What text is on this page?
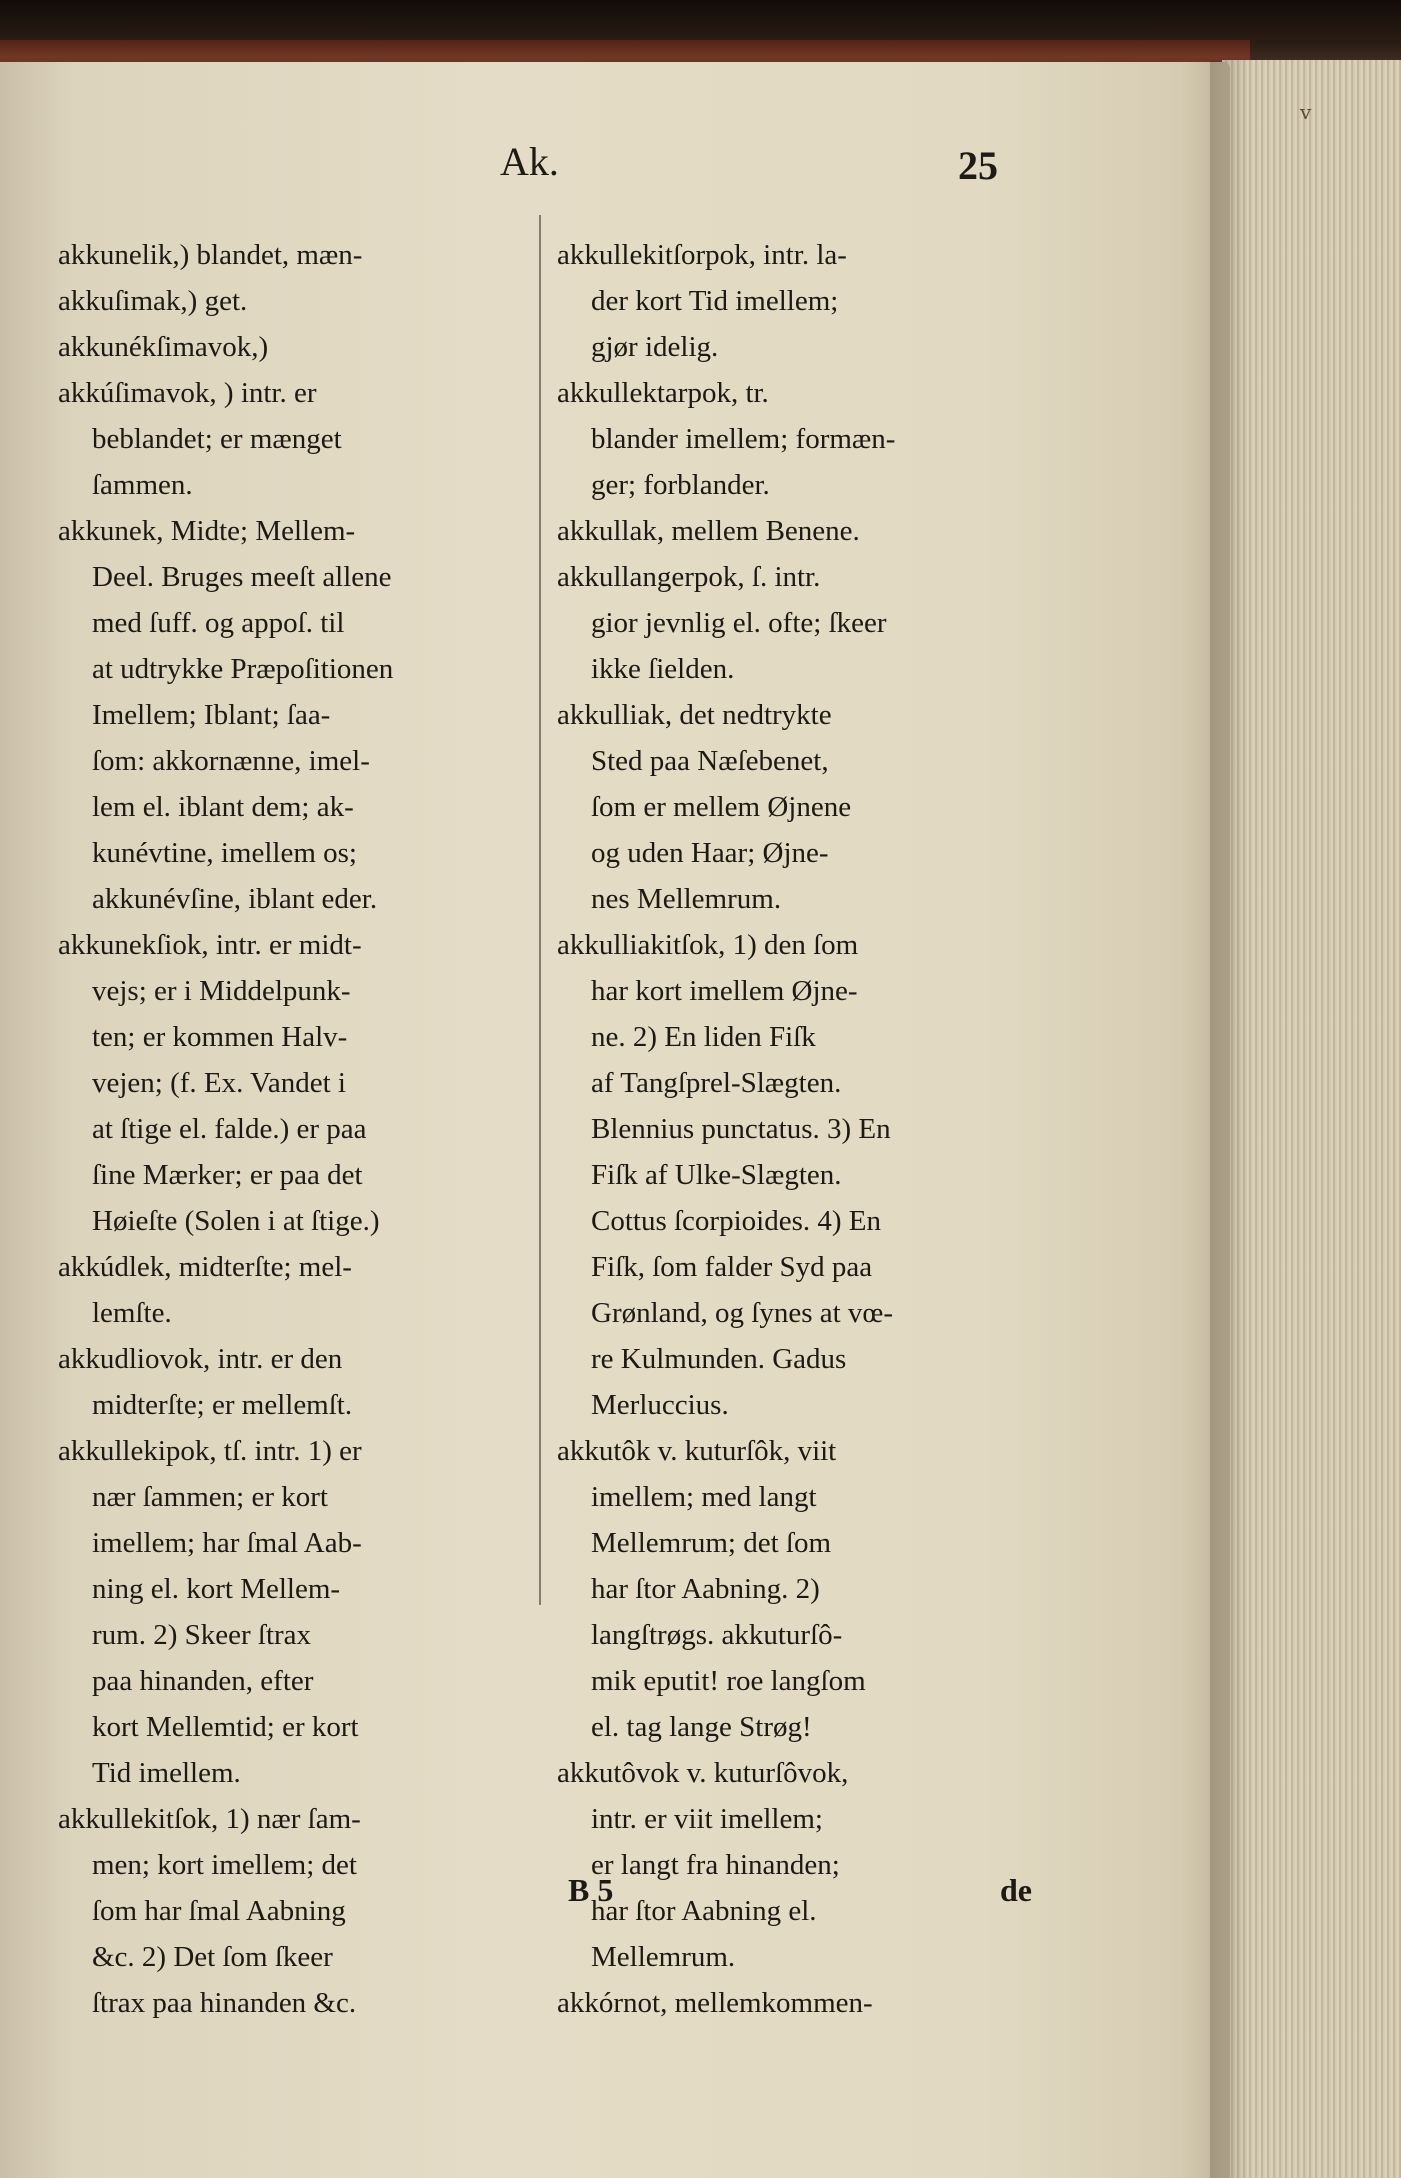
v
Ak.	25
akkunelik,) blandet, mæn-
akkuſimak,) get.
akkunékſimavok,)
akkúſimavok, ) intr. er
beblandet; er mænget
ſammen.
akkunek, Midte; Mellem-
Deel. Bruges meeſt allene
med ſuff. og appoſ. til
at udtrykke Præpoſitionen
Imellem; Iblant; ſaa-
ſom: akkornænne, imel-
lem el. iblant dem; ak-
kunévtine, imellem os;
akkunévſine, iblant eder.
akkunekſiok, intr. er midt-
vejs; er i Middelpunk-
ten; er kommen Halv-
vejen; (f. Ex. Vandet i
at ſtige el. falde.) er paa
ſine Mærker; er paa det
Høieſte (Solen i at ſtige.)
akkúdlek, midterſte; mel-
lemſte.
akkudliovok, intr. er den
midterſte; er mellemſt.
akkullekipok, tſ. intr. 1) er
nær ſammen; er kort
imellem; har ſmal Aab-
ning el. kort Mellem-
rum. 2) Skeer ſtrax
paa hinanden, efter
kort Mellemtid; er kort
Tid imellem.
akkullekitſok, 1) nær ſam-
men; kort imellem; det
ſom har ſmal Aabning
&c. 2) Det ſom ſkeer
ſtrax paa hinanden &c.
akkullekitſorpok, intr. la-
der kort Tid imellem;
gjør idelig.
akkullektarpok, tr.
blander imellem; formæn-
ger; forblander.
akkullak, mellem Benene.
akkullangerpok, ſ. intr.
gior jevnlig el. ofte; ſkeer
ikke ſielden.
akkulliak, det nedtrykte
Sted paa Næſebenet,
ſom er mellem Øjnene
og uden Haar; Øjne-
nes Mellemrum.
akkulliakitſok, 1) den ſom
har kort imellem Øjne-
ne. 2) En liden Fiſk
af Tangſprel-Slægten.
Blennius punctatus. 3) En
Fiſk af Ulke-Slægten.
Cottus ſcorpioides. 4) En
Fiſk, ſom falder Syd paa
Grønland, og ſynes at vœ-
re Kulmunden. Gadus
Merluccius.
akkutôk v. kuturſôk, viit
imellem; med langt
Mellemrum; det ſom
har ſtor Aabning. 2)
langſtrøgs. akkuturſô-
mik eputit! roe langſom
el. tag lange Strøg!
akkutôvok v. kuturſôvok,
intr. er viit imellem;
er langt fra hinanden;
har ſtor Aabning el.
Mellemrum.
akkórnot, mellemkommen-
B 5	de
